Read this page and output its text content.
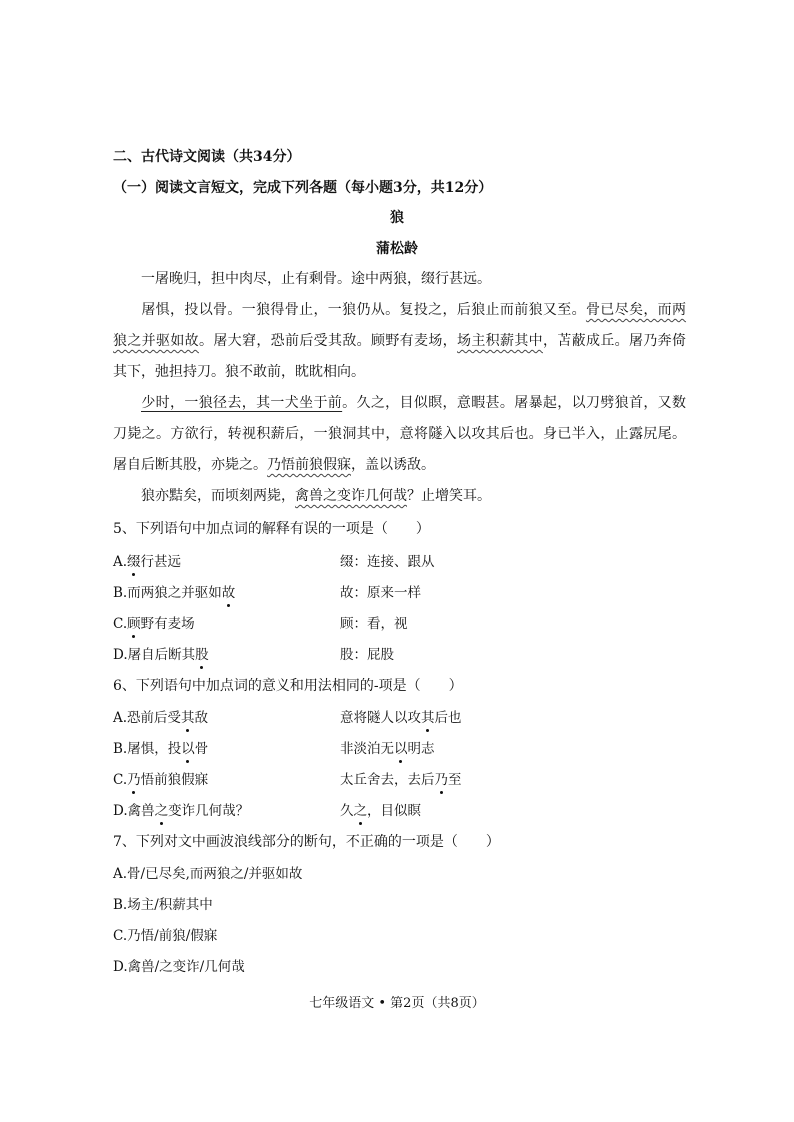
二、古代诗文阅读（共34分）
（一）阅读文言短文，完成下列各题（每小题3分，共12分）
狼
蒲松龄
一屠晚归，担中肉尽，止有剩骨。途中两狼，缀行甚远。
屠惧，投以骨。一狼得骨止，一狼仍从。复投之，后狼止而前狼又至。骨已尽矣，而两狼之并驱如故。屠大窘，恐前后受其敌。顾野有麦场，场主积薪其中，苫蔽成丘。屠乃奔倚其下，弛担持刀。狼不敢前，眈眈相向。
少时，一狼径去，其一犬坐于前。久之，目似瞑，意暇甚。屠暴起，以刀劈狼首，又数刀毙之。方欲行，转视积薪后，一狼洞其中，意将隧入以攻其后也。身已半入，止露尻尾。屠自后断其股，亦毙之。乃悟前狼假寐，盖以诱敌。
狼亦黠矣，而顷刻两毙，禽兽之变诈几何哉？止增笑耳。
5、下列语句中加点词的解释有误的一项是（　　）
A.缀行甚远	缀：连接、跟从
B.而两狼之并驱如故	故：原来一样
C.顾野有麦场	顾：看，视
D.屠自后断其股	股：屁股
6、下列语句中加点词的意义和用法相同的-项是（　　）
A.恐前后受其敌	意将隧人以攻其后也
B.屠惧，投以骨	非淡泊无以明志
C.乃悟前狼假寐	太丘舍去，去后乃至
D.禽兽之变诈几何哉？	久之，目似瞑
7、下列对文中画波浪线部分的断句，不正确的一项是（　　）
A.骨/已尽矣,而两狼之/并驱如故
B.场主/积薪其中
C.乃悟/前狼/假寐
D.禽兽/之变诈/几何哉
七年级语文 • 第2页（共8页）
